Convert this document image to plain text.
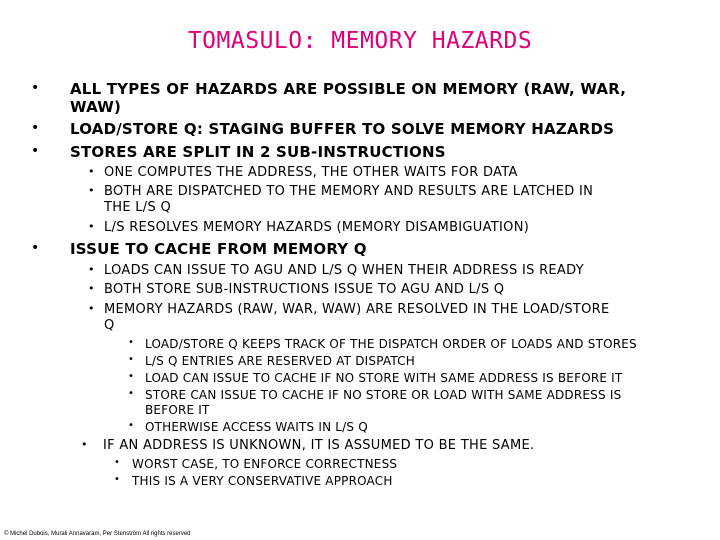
TOMASULO: MEMORY HAZARDS
• ALL TYPES OF HAZARDS ARE POSSIBLE ON MEMORY (RAW, WAR,
WAW)
• LOAD/STORE Q: STAGING BUFFER TO SOLVE MEMORY HAZARDS
• STORES ARE SPLIT IN 2 SUB-INSTRUCTIONS
• ONE COMPUTES THE ADDRESS, THE OTHER WAITS FOR DATA
• BOTH ARE DISPATCHED TO THE MEMORY AND RESULTS ARE LATCHED IN
THE L/S Q
• L/S RESOLVES MEMORY HAZARDS (MEMORY DISAMBIGUATION)
• ISSUE TO CACHE FROM MEMORY Q
• LOADS CAN ISSUE TO AGU AND L/S Q WHEN THEIR ADDRESS IS READY
• BOTH STORE SUB-INSTRUCTIONS ISSUE TO AGU AND L/S Q
• MEMORY HAZARDS (RAW, WAR, WAW) ARE RESOLVED IN THE LOAD/STORE
Q
• LOAD/STORE Q KEEPS TRACK OF THE DISPATCH ORDER OF LOADS AND STORES
• L/S Q ENTRIES ARE RESERVED AT DISPATCH
• LOAD CAN ISSUE TO CACHE IF NO STORE WITH SAME ADDRESS IS BEFORE IT
• STORE CAN ISSUE TO CACHE IF NO STORE OR LOAD WITH SAME ADDRESS IS
BEFORE IT
• OTHERWISE ACCESS WAITS IN L/S Q
• IF AN ADDRESS IS UNKNOWN, IT IS ASSUMED TO BE THE SAME.
• WORST CASE, TO ENFORCE CORRECTNESS
• THIS IS A VERY CONSERVATIVE APPROACH
© Michel Dubois, Murali Annavaram, Per Stenström All rights reserved
